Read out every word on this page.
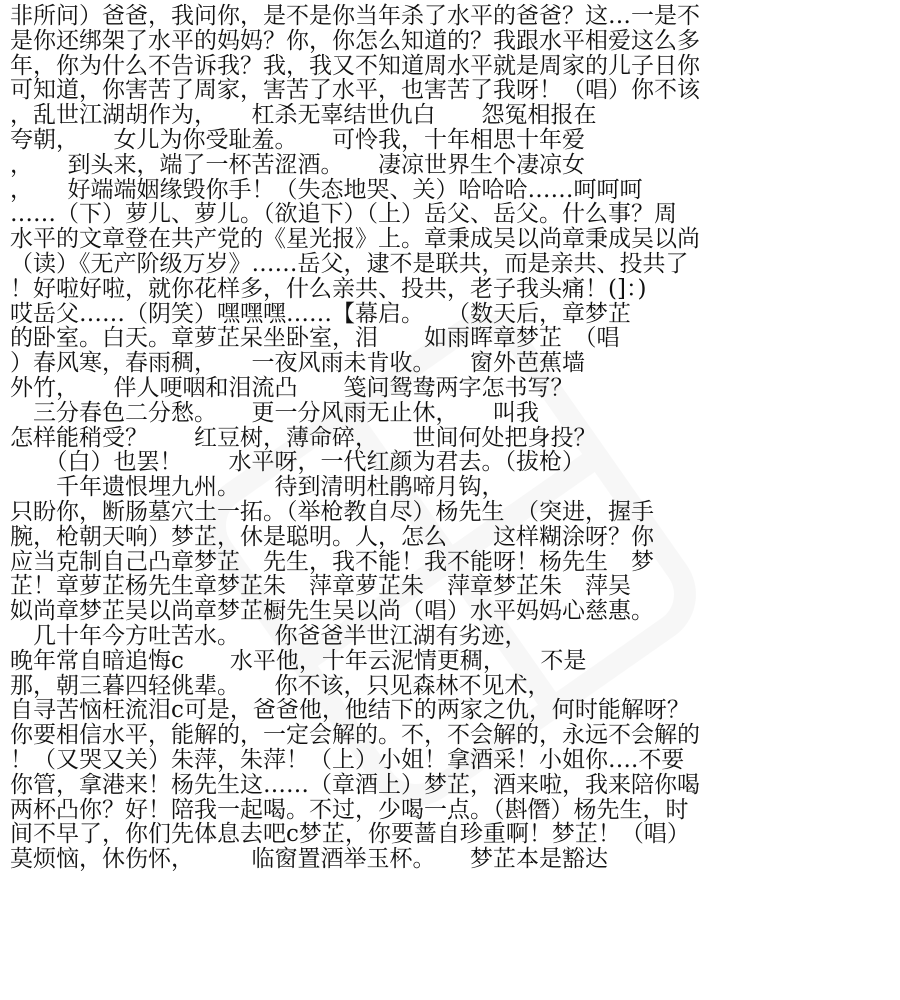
非所问）爸爸，我问你，是不是你当年杀了水平的爸爸？这…一是不
是你还绑架了水平的妈妈？你，你怎么知道的？我跟水平相爱这么多
年，你为什么不告诉我？我，我又不知道周水平就是周家的儿子日你
可知道，你害苦了周家，害苦了水平，也害苦了我呀！（唱）你不该
，乱世江湖胡作为，　　杠杀无辜结世仇白　　怨冤相报在
夸朝，　　女儿为你受耻羞。　　可怜我，十年相思十年爱
，　　到头来，端了一杯苦涩酒。　　凄凉世界生个凄凉女
，　　好端端姻缘毁你手！（失态地哭、关）哈哈哈……呵呵呵
……（下）萝儿、萝儿。（欲追下）（上）岳父、岳父。什么事？周
水平的文章登在共产党的《星光报》上。章秉成吴以尚章秉成吴以尚
（读）《无产阶级万岁》……岳父，逮不是联共，而是亲共、投共了
！好啦好啦，就你花样多，什么亲共、投共，老子我头痛！(]：)
哎岳父……（阴笑）嘿嘿嘿……【幕启。　　（数天后，章梦芷
的卧室。白天。章萝芷呆坐卧室，泪　　如雨晖章梦芷　（唱
）春风寒，春雨稠，　　一夜风雨未肯收。　　窗外芭蕉墙
外竹，　　伴人哽咽和泪流凸　　笺问鸳鸯两字怎书写？
　三分春色二分愁。　　更一分风雨无止休，　　叫我
怎样能稍受？　　红豆树，薄命碎，　　世间何处把身投？
　　（白）也罢！　　水平呀，一代红颜为君去。（拔枪）
　　千年遗恨埋九州。　　待到清明杜鹃啼月钩，
只盼你，断肠墓穴土一拓。（举枪教自尽）杨先生　（突进，握手
腕，枪朝天响）梦芷，休是聪明。人，怎么　　这样糊涂呀？你
应当克制自己凸章梦芷　先生，我不能！我不能呀！杨先生　梦
芷！章萝芷杨先生章梦芷朱　萍章萝芷朱　萍章梦芷朱　萍吴
姒尚章梦芷吴以尚章梦芷橱先生吴以尚（唱）水平妈妈心慈惠。
　几十年今方吐苦水。　　你爸爸半世江湖有劣迹，
晚年常自暗追悔c　　水平他，十年云泥情更稠，　　不是
那，朝三暮四轻佻辈。　　你不该，只见森林不见术，
自寻苦恼枉流泪c可是，爸爸他，他结下的两家之仇，何时能解呀？
你要相信水平，能解的，一定会解的。不，不会解的，永远不会解的
！（又哭又关）朱萍，朱萍！（上）小姐！拿酒采！小姐你….不要
你管，拿港来！杨先生这……（章酒上）梦芷，酒来啦，我来陪你喝
两杯凸你？好！陪我一起喝。不过，少喝一点。（斟僭）杨先生，时
间不早了，你们先体息去吧c梦芷，你要蔷自珍重啊！梦芷！（唱）
莫烦恼，休伤怀，　　　临窗置酒举玉杯。　　梦芷本是豁达
